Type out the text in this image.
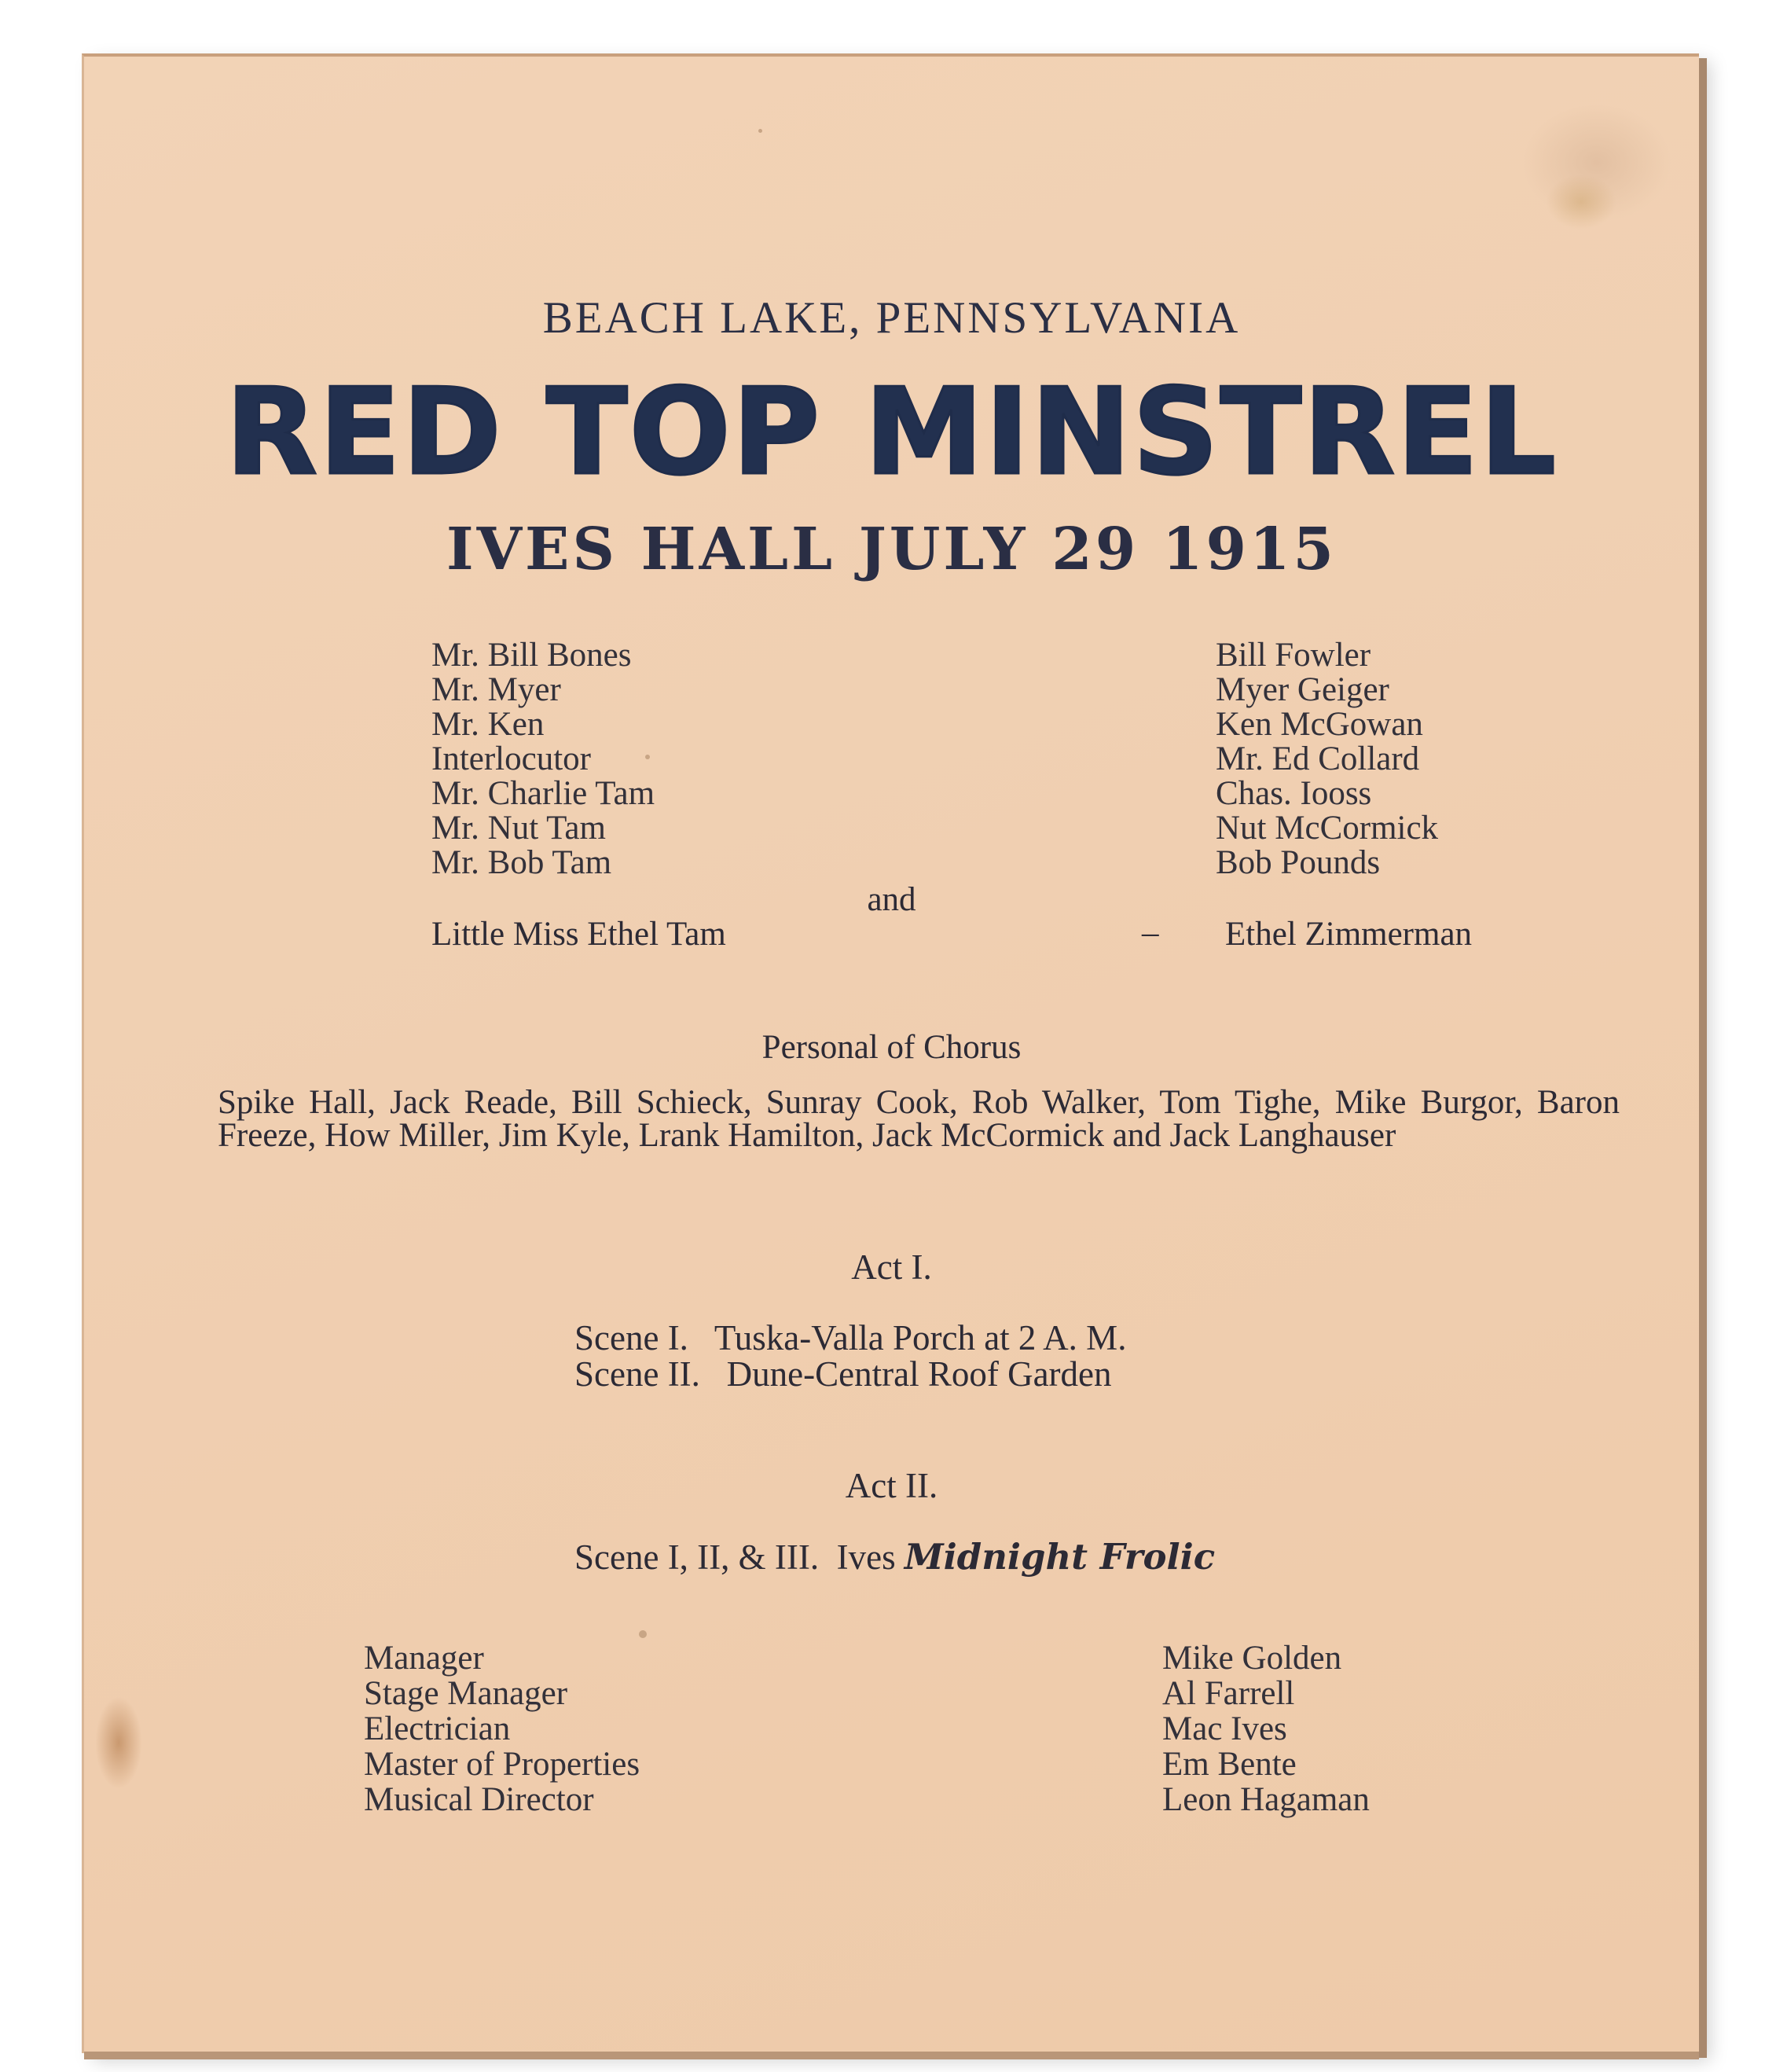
BEACH LAKE, PENNSYLVANIA
RED TOP MINSTREL
IVES HALL JULY 29 1915
Mr. Bill Bones
Mr. Myer
Mr. Ken
Interlocutor
Mr. Charlie Tam
Mr. Nut Tam
Mr. Bob Tam
Bill Fowler
Myer Geiger
Ken McGowan
Mr. Ed Collard
Chas. Iooss
Nut McCormick
Bob Pounds
and
Little Miss Ethel Tam	– Ethel Zimmerman
Personal of Chorus
Spike Hall, Jack Reade, Bill Schieck, Sunray Cook, Rob Walker, Tom Tighe, Mike Burgor, Baron Freeze, How Miller, Jim Kyle, Lrank Hamilton, Jack McCormick and Jack Langhauser
Act I.
Scene I.   Tuska-Valla Porch at 2 A. M.
Scene II.   Dune-Central Roof Garden
Act II.
Scene I, II, & III.  Ives Midnight Frolic
Manager
Stage Manager
Electrician
Master of Properties
Musical Director
Mike Golden
Al Farrell
Mac Ives
Em Bente
Leon Hagaman
